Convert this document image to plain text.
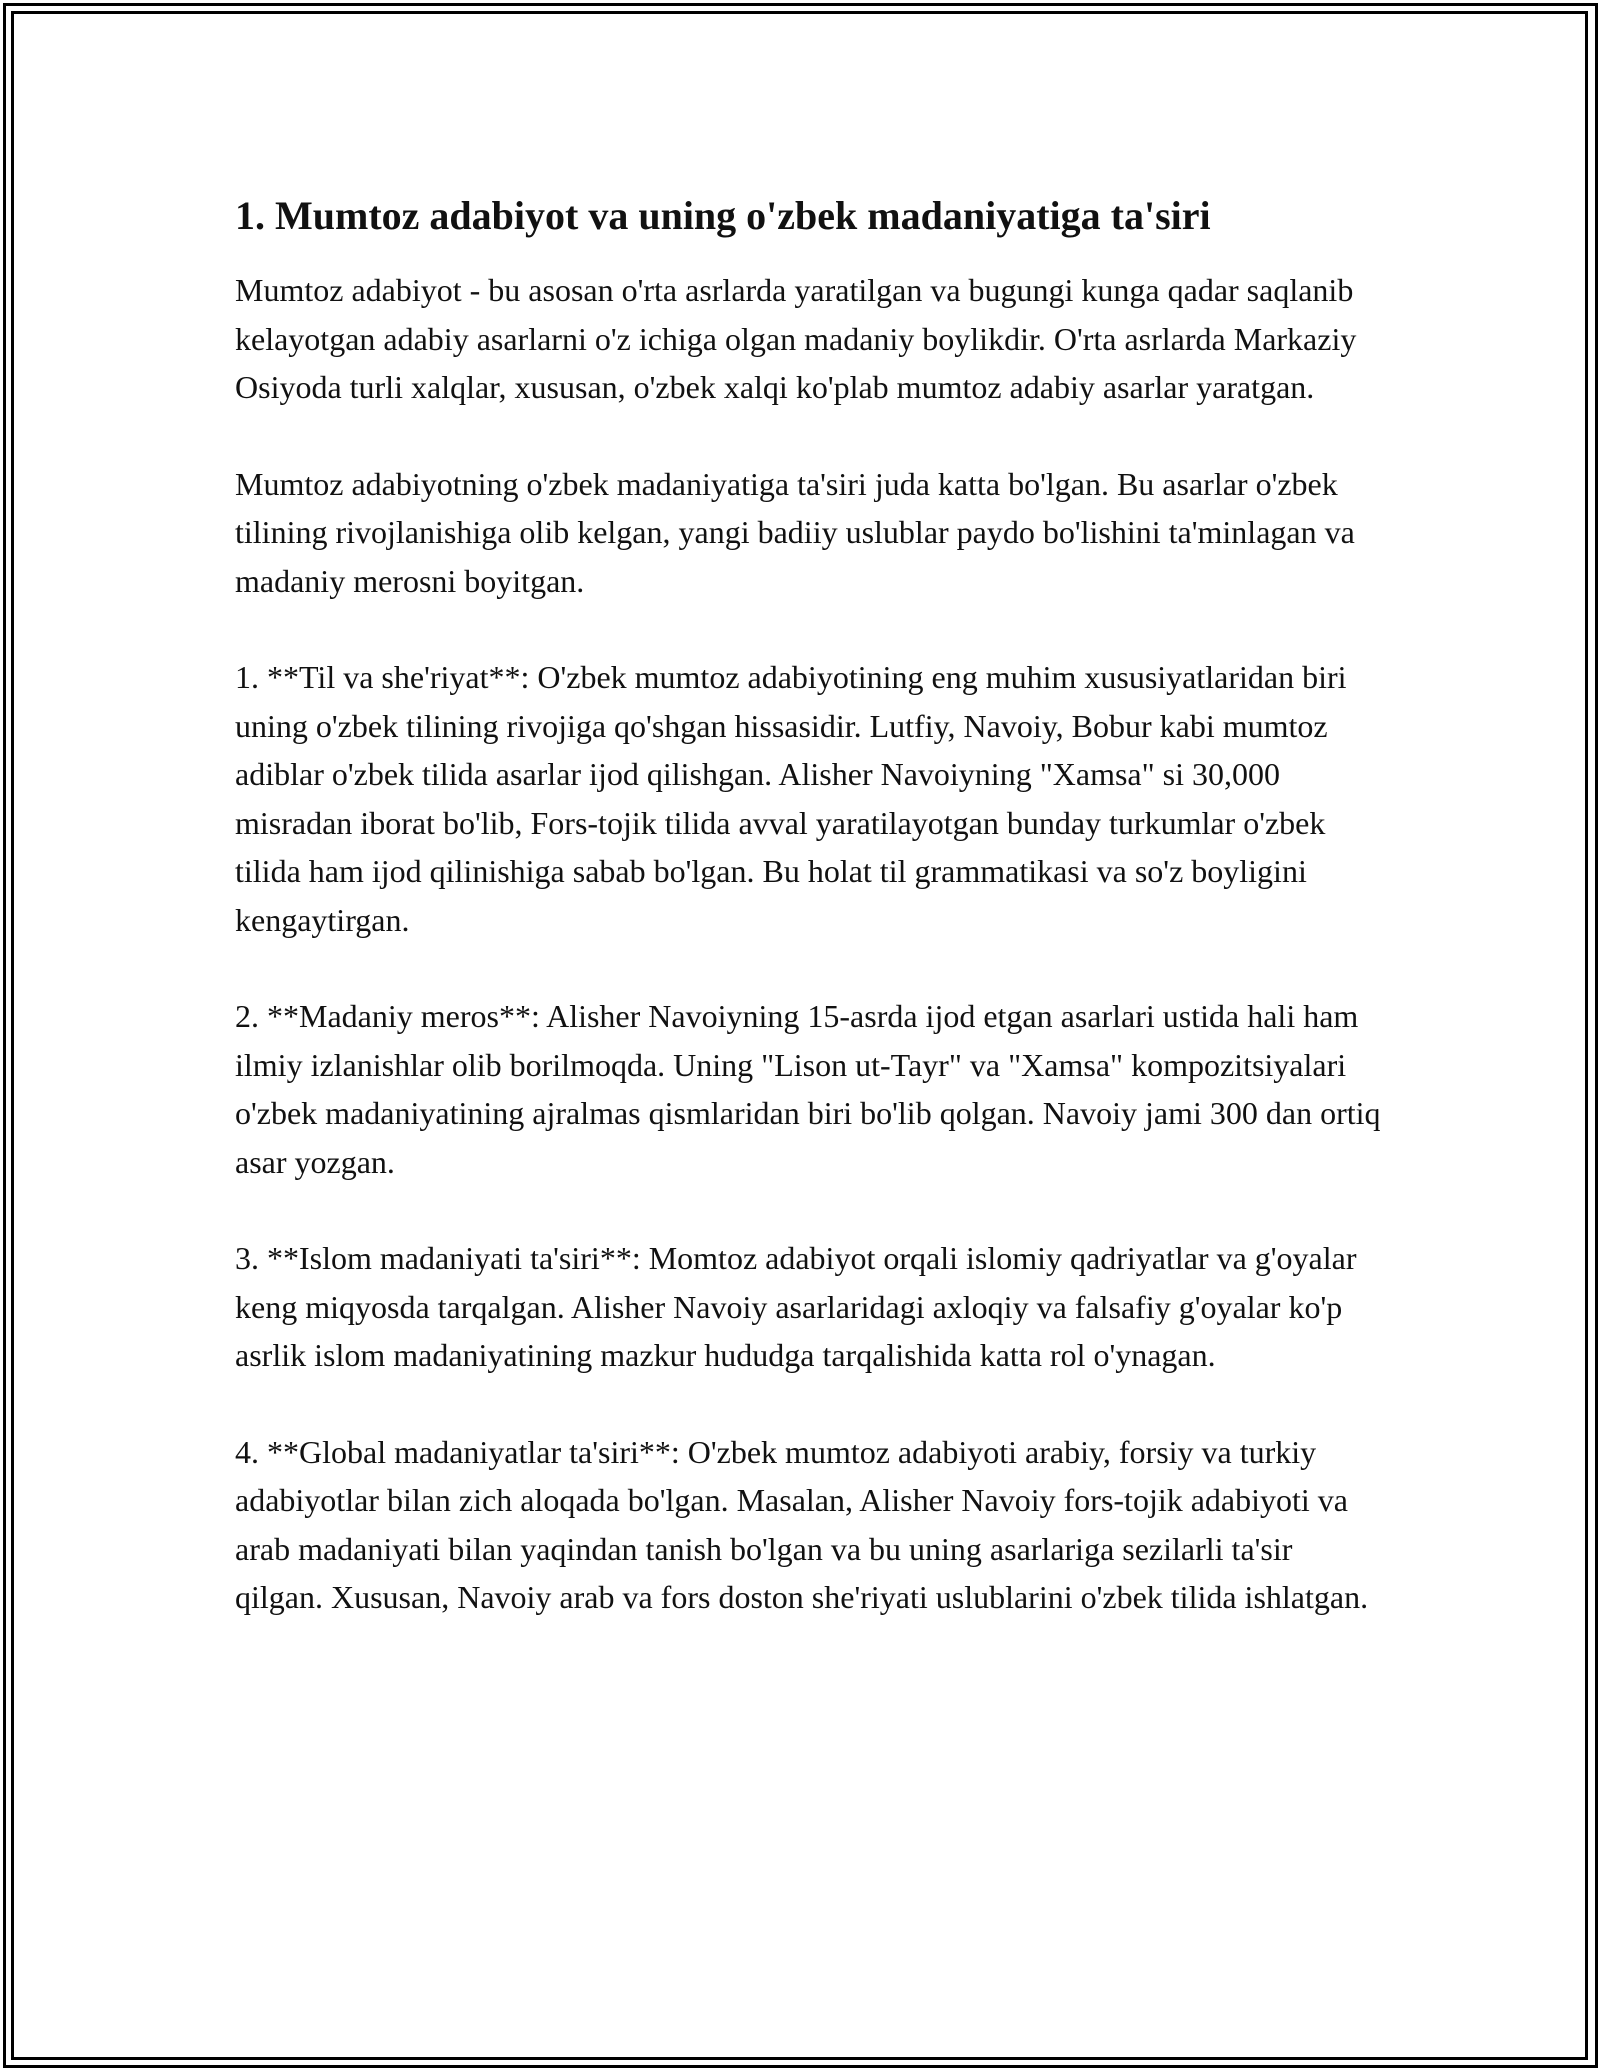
1. Mumtoz adabiyot va uning o'zbek madaniyatiga ta'siri

Mumtoz adabiyot - bu asosan o'rta asrlarda yaratilgan va bugungi kunga qadar saqlanib kelayotgan adabiy asarlarni o'z ichiga olgan madaniy boylikdir. O'rta asrlarda Markaziy Osiyoda turli xalqlar, xususan, o'zbek xalqi ko'plab mumtoz adabiy asarlar yaratgan.

Mumtoz adabiyotning o'zbek madaniyatiga ta'siri juda katta bo'lgan. Bu asarlar o'zbek tilining rivojlanishiga olib kelgan, yangi badiiy uslublar paydo bo'lishini ta'minlagan va madaniy merosni boyitgan.

1. **Til va she'riyat**: O'zbek mumtoz adabiyotining eng muhim xususiyatlaridan biri uning o'zbek tilining rivojiga qo'shgan hissasidir. Lutfiy, Navoiy, Bobur kabi mumtoz adiblar o'zbek tilida asarlar ijod qilishgan. Alisher Navoiyning "Xamsa" si 30,000 misradan iborat bo'lib, Fors-tojik tilida avval yaratilayotgan bunday turkumlar o'zbek tilida ham ijod qilinishiga sabab bo'lgan. Bu holat til grammatikasi va so'z boyligini kengaytirgan.

2. **Madaniy meros**: Alisher Navoiyning 15-asrda ijod etgan asarlari ustida hali ham ilmiy izlanishlar olib borilmoqda. Uning "Lison ut-Tayr" va "Xamsa" kompozitsiyalari o'zbek madaniyatining ajralmas qismlaridan biri bo'lib qolgan. Navoiy jami 300 dan ortiq asar yozgan.

3. **Islom madaniyati ta'siri**: Momtoz adabiyot orqali islomiy qadriyatlar va g'oyalar keng miqyosda tarqalgan. Alisher Navoiy asarlaridagi axloqiy va falsafiy g'oyalar ko'p asrlik islom madaniyatining mazkur hududga tarqalishida katta rol o'ynagan.

4. **Global madaniyatlar ta'siri**: O'zbek mumtoz adabiyoti arabiy, forsiy va turkiy adabiyotlar bilan zich aloqada bo'lgan. Masalan, Alisher Navoiy fors-tojik adabiyoti va arab madaniyati bilan yaqindan tanish bo'lgan va bu uning asarlariga sezilarli ta'sir qilgan. Xususan, Navoiy arab va fors doston she'riyati uslublarini o'zbek tilida ishlatgan.
